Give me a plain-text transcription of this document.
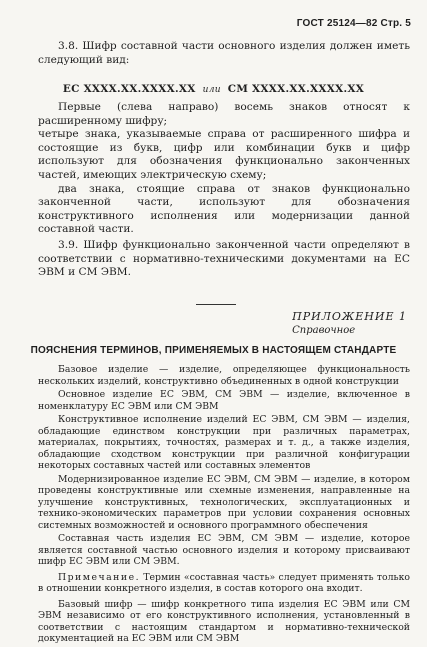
ГОСТ 25124—82 Стр. 5

3.8. Шифр составной части основного изделия должен иметь следующий вид:

ЕС XXXX.XX.XXXX.XX или СМ XXXX.XX.XXXX.XX

Первые (слева направо) восемь знаков относят к расширенному шифру;

четыре знака, указываемые справа от расширенного шифра и состоящие из букв, цифр или комбинации букв и цифр используют для обозначения функционально законченных частей, имеющих электрическую схему;

два знака, стоящие справа от знаков функционально законченной части, используют для обозначения конструктивного исполнения или модернизации данной составной части.

3.9. Шифр функционально законченной части определяют в соответствии с нормативно-техническими документами на ЕС ЭВМ и СМ ЭВМ.

ПРИЛОЖЕНИЕ 1
Справочное
ПОЯСНЕНИЯ ТЕРМИНОВ, ПРИМЕНЯЕМЫХ В НАСТОЯЩЕМ СТАНДАРТЕ

Базовое изделие — изделие, определяющее функциональность нескольких изделий, конструктивно объединенных в одной конструкции

Основное изделие ЕС ЭВМ, СМ ЭВМ — изделие, включенное в номенклатуру ЕС ЭВМ или СМ ЭВМ

Конструктивное исполнение изделий ЕС ЭВМ, СМ ЭВМ — изделия, обладающие единством конструкции при различных параметрах, материалах, покрытиях, точностях, размерах и т. д., а также изделия, обладающие сходством конструкции при различной конфигурации некоторых составных частей или составных элементов

Модернизированное изделие ЕС ЭВМ, СМ ЭВМ — изделие, в котором проведены конструктивные или схемные изменения, направленные на улучшение конструктивных, технологических, эксплуатационных и технико-экономических параметров при условии сохранения основных системных возможностей и основного программного обеспечения

Составная часть изделия ЕС ЭВМ, СМ ЭВМ — изделие, которое является составной частью основного изделия и которому присваивают шифр ЕС ЭВМ или СМ ЭВМ.

Примечание. Термин «составная часть» следует применять только в отношении конкретного изделия, в состав которого она входит.

Базовый шифр — шифр конкретного типа изделия ЕС ЭВМ или СМ ЭВМ независимо от его конструктивного исполнения, установленный в соответствии с настоящим стандартом и нормативно-технической документацией на ЕС ЭВМ или СМ ЭВМ
